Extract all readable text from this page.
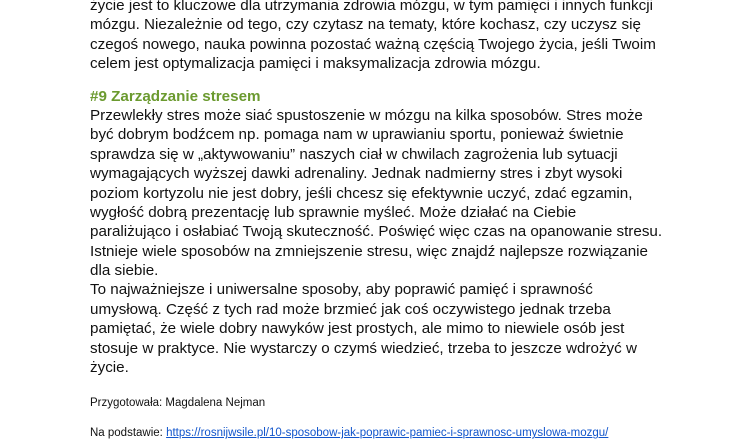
życie jest to kluczowe dla utrzymania zdrowia mózgu, w tym pamięci i innych funkcji
mózgu. Niezależnie od tego, czy czytasz na tematy, które kochasz, czy uczysz się
czegoś nowego, nauka powinna pozostać ważną częścią Twojego życia, jeśli Twoim
celem jest optymalizacja pamięci i maksymalizacja zdrowia mózgu.
#9 Zarządzanie stresem
Przewlekły stres może siać spustoszenie w mózgu na kilka sposobów. Stres może
być dobrym bodźcem np. pomaga nam w uprawianiu sportu, ponieważ świetnie
sprawdza się w „aktywowaniu” naszych ciał w chwilach zagrożenia lub sytuacji
wymagających wyższej dawki adrenaliny. Jednak nadmierny stres i zbyt wysoki
poziom kortyzolu nie jest dobry, jeśli chcesz się efektywnie uczyć, zdać egzamin,
wygłość dobrą prezentację lub sprawnie myśleć. Może działać na Ciebie
paraliżująco i osłabiać Twoją skuteczność. Poświęć więc czas na opanowanie stresu.
Istnieje wiele sposobów na zmniejszenie stresu, więc znajdź najlepsze rozwiązanie
dla siebie.
To najważniejsze i uniwersalne sposoby, aby poprawić pamięć i sprawność
umysłową. Część z tych rad może brzmieć jak coś oczywistego jednak trzeba
pamiętać, że wiele dobry nawyków jest prostych, ale mimo to niewiele osób jest
stosuje w praktyce. Nie wystarczy o czymś wiedzieć, trzeba to jeszcze wdrożyć w
życie.
Przygotowała: Magdalena Nejman
Na podstawie: https://rosnijwsile.pl/10-sposobow-jak-poprawic-pamiec-i-sprawnosc-umyslowa-mozgu/
